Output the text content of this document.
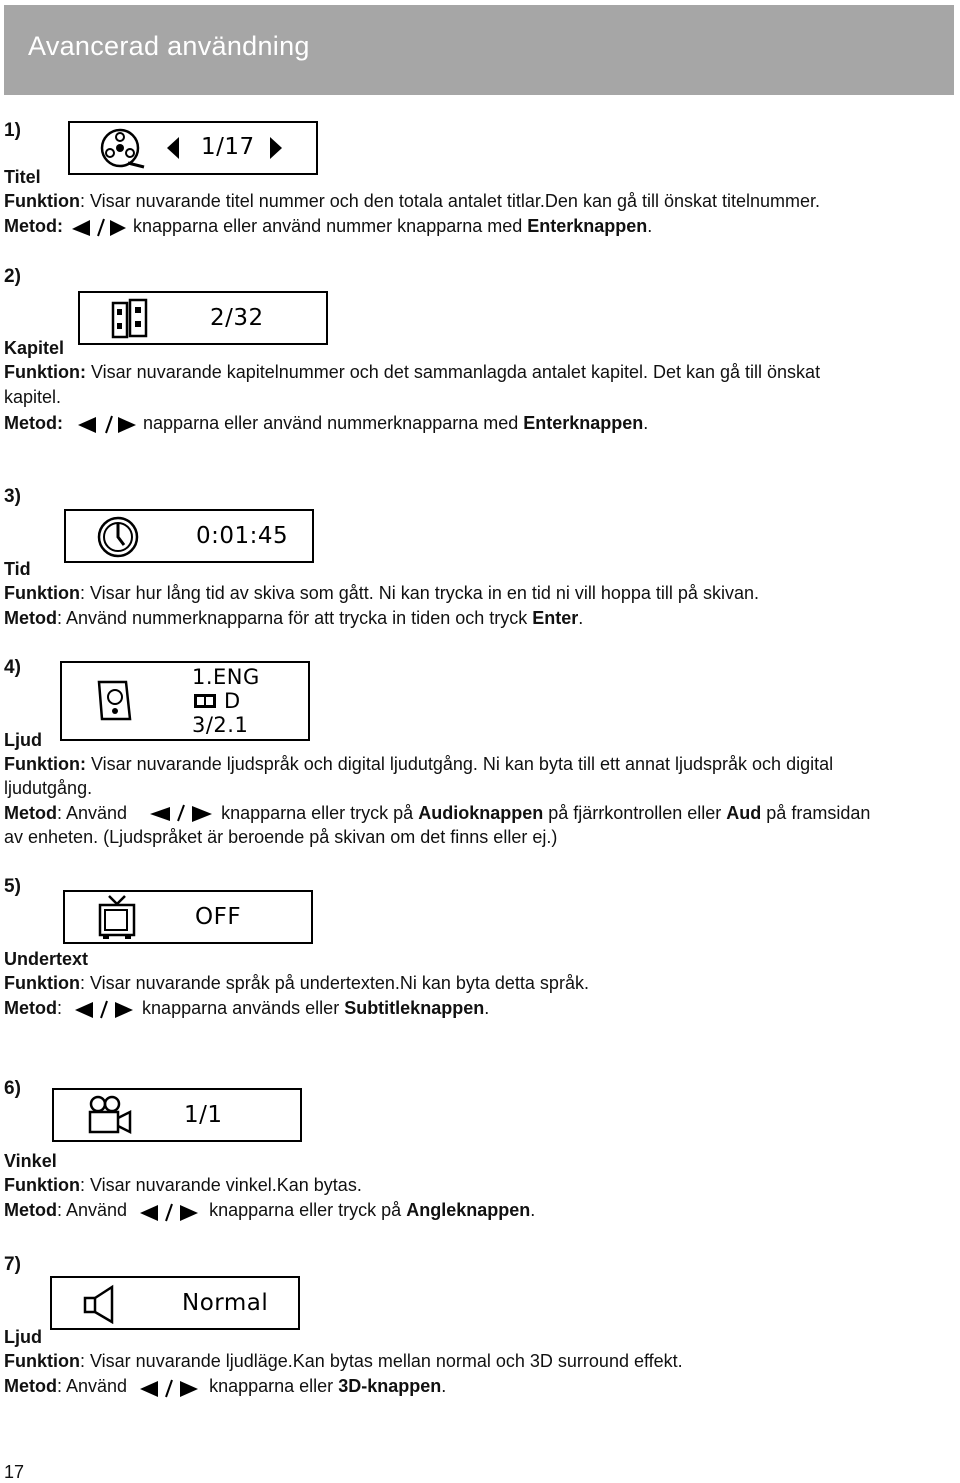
Avancerad användning
1)
1/17
Titel
Funktion: Visar nuvarande titel nummer och den totala antalet titlar.Den kan gå till önskat titelnummer.
Metod:	knapparna eller använd nummer knapparna med Enterknappen.
2)
2/32
Kapitel
Funktion: Visar nuvarande kapitelnummer och det sammanlagda antalet kapitel. Det kan gå till önskat
kapitel.
Metod:	napparna eller använd nummerknapparna med Enterknappen.
3)
0:01:45
Tid
Funktion: Visar hur lång tid av skiva som gått. Ni kan trycka in en tid ni vill hoppa till på skivan.
Metod: Använd nummerknapparna för att trycka in tiden och tryck Enter.
4)	1.ENG
D
3/2.1
Ljud
Funktion: Visar nuvarande ljudspråk och digital ljudutgång. Ni kan byta till ett annat ljudspråk och digital
ljudutgång.
Metod: Använd	knapparna eller tryck på Audioknappen på fjärrkontrollen eller Aud på framsidan
av enheten. (Ljudspråket är beroende på skivan om det finns eller ej.)
5)
OFF
Undertext
Funktion: Visar nuvarande språk på undertexten.Ni kan byta detta språk.
Metod:	knapparna används eller Subtitleknappen.
6)
1/1
Vinkel
Funktion: Visar nuvarande vinkel.Kan bytas.
Metod: Använd	knapparna eller tryck på Angleknappen.
7)
Normal
Ljud
Funktion: Visar nuvarande ljudläge.Kan bytas mellan normal och 3D surround effekt.
Metod: Använd	knapparna eller 3D-knappen.
17
